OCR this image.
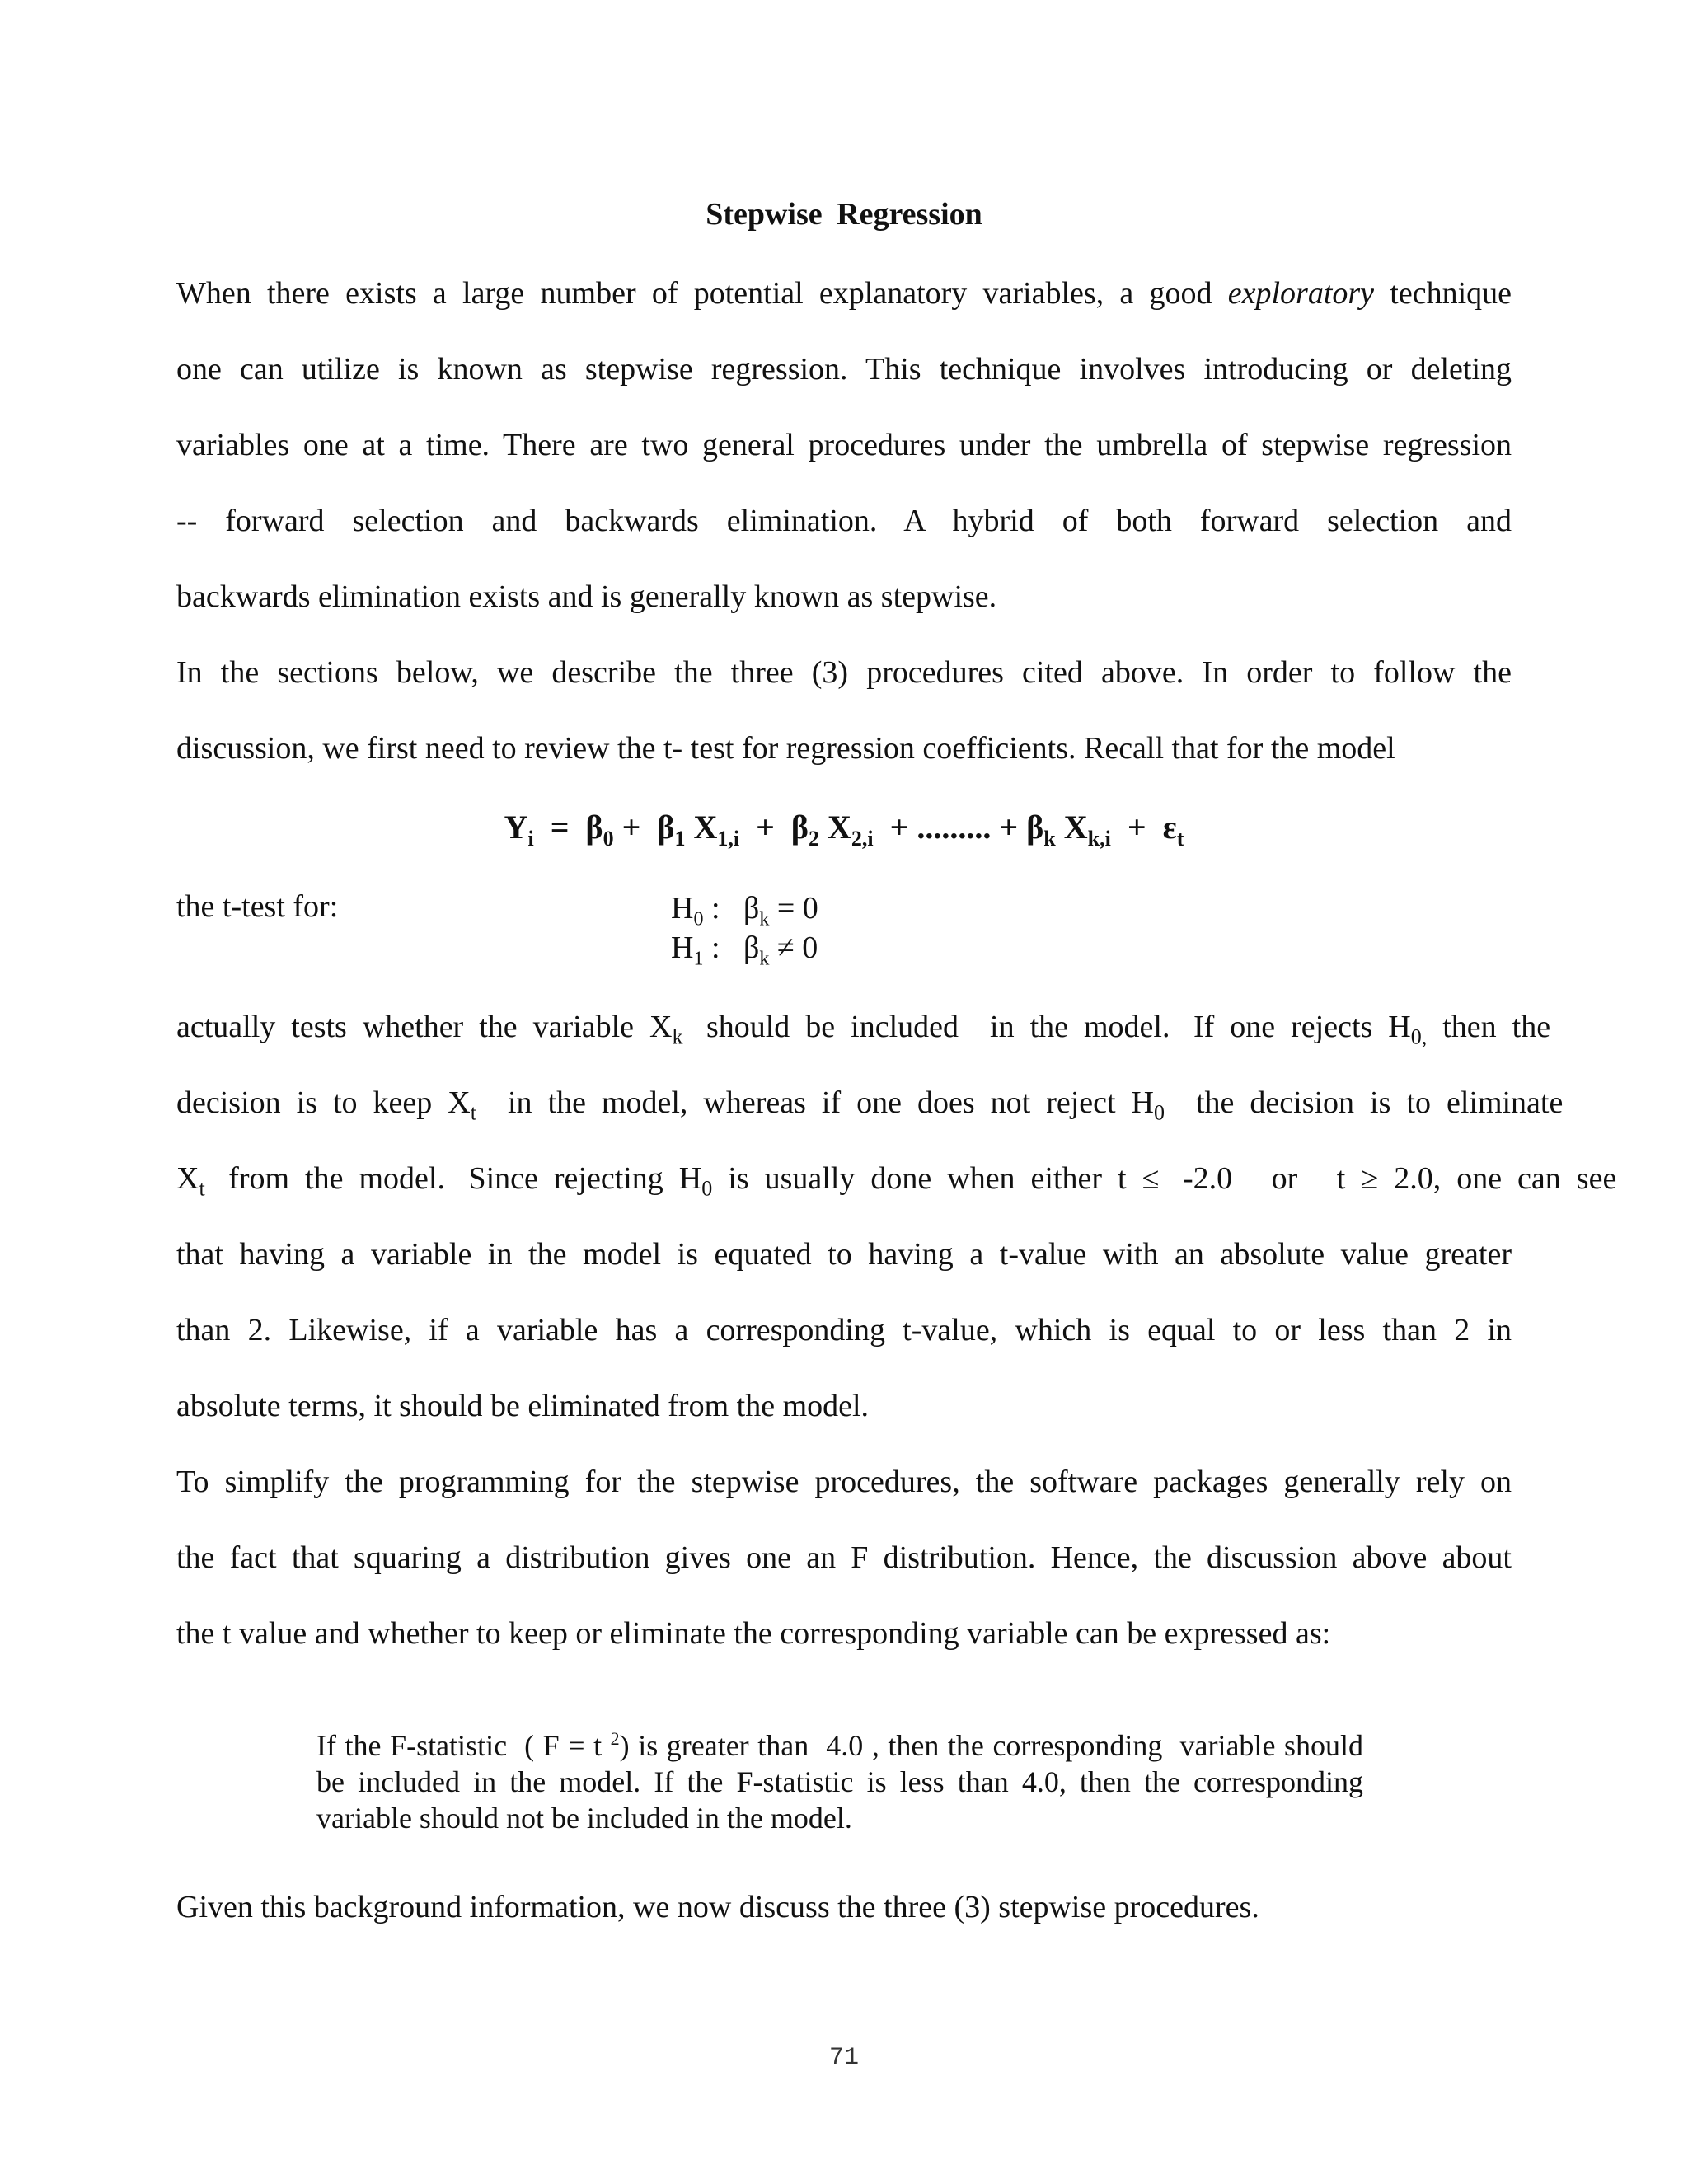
Stepwise Regression
When there exists a large number of potential explanatory variables, a good exploratory technique
one can utilize is known as stepwise regression. This technique involves introducing or deleting
variables one at a time. There are two general procedures under the umbrella of stepwise regression
-- forward selection and backwards elimination. A hybrid of both forward selection and
backwards elimination exists and is generally known as stepwise.
In the sections below, we describe the three (3) procedures cited above. In order to follow the
discussion, we first need to review the t- test for regression coefficients. Recall that for the model
$Y_i = \beta_0 + \beta_1$ $X_{1,i} + \beta_2$ $X_{2,i}$  + ......... + $\beta_k$ $X_{k,i} + \varepsilon_t$
the t-test for:	$H_0$ :   $\beta_k = 0$
$H_1$ :   $\beta_k \ne 0$
actually  tests  whether  the  variable  $X_k$   should  be  included    in  the  model.   If  one  rejects  $H_{0,}$  then  the
decision  is  to  keep  $X_t$    in  the  model,  whereas  if  one  does  not  reject  $H_0$    the  decision  is  to  eliminate
$X_t$   from  the  model.   Since  rejecting  $H_0$  is  usually  done  when  either  t  ≤   -2.0     or     t  ≥  2.0,  one  can  see
that having a variable in the model is equated to having a t-value with an absolute value greater
than 2. Likewise, if a variable has a corresponding t-value, which is equal to or less than 2 in
absolute terms, it should be eliminated from the model.
To simplify the programming for the stepwise procedures, the software packages generally rely on
the fact that squaring a distribution gives one an F distribution. Hence, the discussion above about
the t value and whether to keep or eliminate the corresponding variable can be expressed as:
If the F-statistic  ( F = t $^2$) is greater than  4.0 , then the corresponding  variable should
be included in the model. If the F-statistic is less than 4.0, then the corresponding
variable should not be included in the model.
Given this background information, we now discuss the three (3) stepwise procedures.
71
